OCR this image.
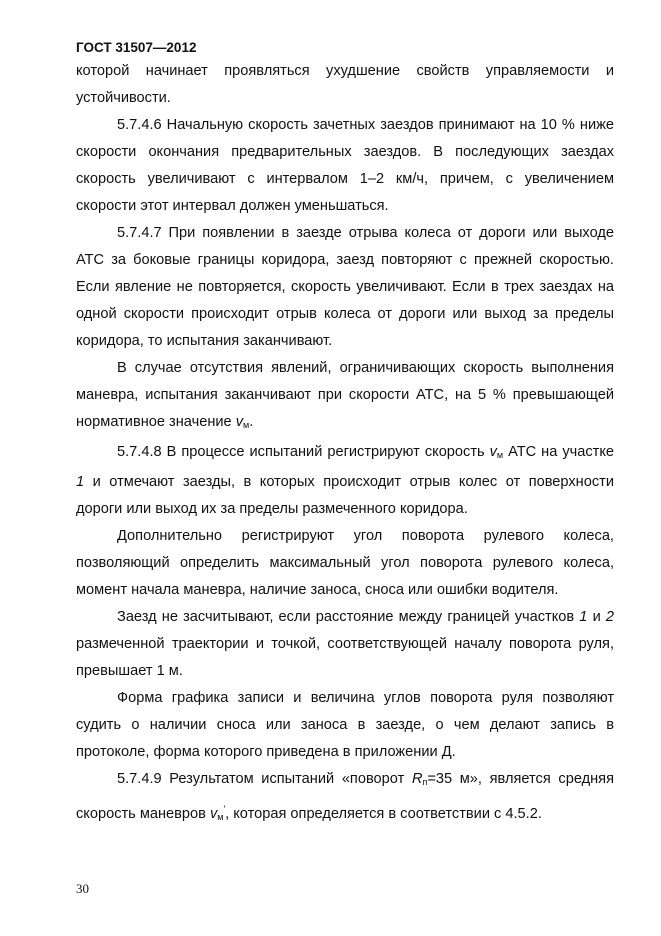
ГОСТ 31507—2012

которой начинает проявляться ухудшение свойств управляемости и устойчивости.

5.7.4.6 Начальную скорость зачетных заездов принимают на 10 % ниже скорости окончания предварительных заездов. В последующих заездах скорость увеличивают с интервалом 1–2 км/ч, причем, с увеличением скорости этот интервал должен уменьшаться.

5.7.4.7 При появлении в заезде отрыва колеса от дороги или выходе АТС за боковые границы коридора, заезд повторяют с прежней скоростью. Если явление не повторяется, скорость увеличивают. Если в трех заездах на одной скорости происходит отрыв колеса от дороги или выход за пределы коридора, то испытания заканчивают.

В случае отсутствия явлений, ограничивающих скорость выполнения маневра, испытания заканчивают при скорости АТС, на 5 % превышающей нормативное значение $v_м$.

5.7.4.8 В процессе испытаний регистрируют скорость $v_м$ АТС на участке 1 и отмечают заезды, в которых происходит отрыв колес от поверхности дороги или выход их за пределы размеченного коридора.

Дополнительно регистрируют угол поворота рулевого колеса, позволяющий определить максимальный угол поворота рулевого колеса, момент начала маневра, наличие заноса, сноса или ошибки водителя.

Заезд не засчитывают, если расстояние между границей участков 1 и 2 размеченной траектории и точкой, соответствующей началу поворота руля, превышает 1 м.

Форма графика записи и величина углов поворота руля позволяют судить о наличии сноса или заноса в заезде, о чем делают запись в протоколе, форма которого приведена в приложении Д.

5.7.4.9 Результатом испытаний «поворот $R_п=35$ м», является средняя скорость маневров $v_м'$, которая определяется в соответствии с 4.5.2.

30
